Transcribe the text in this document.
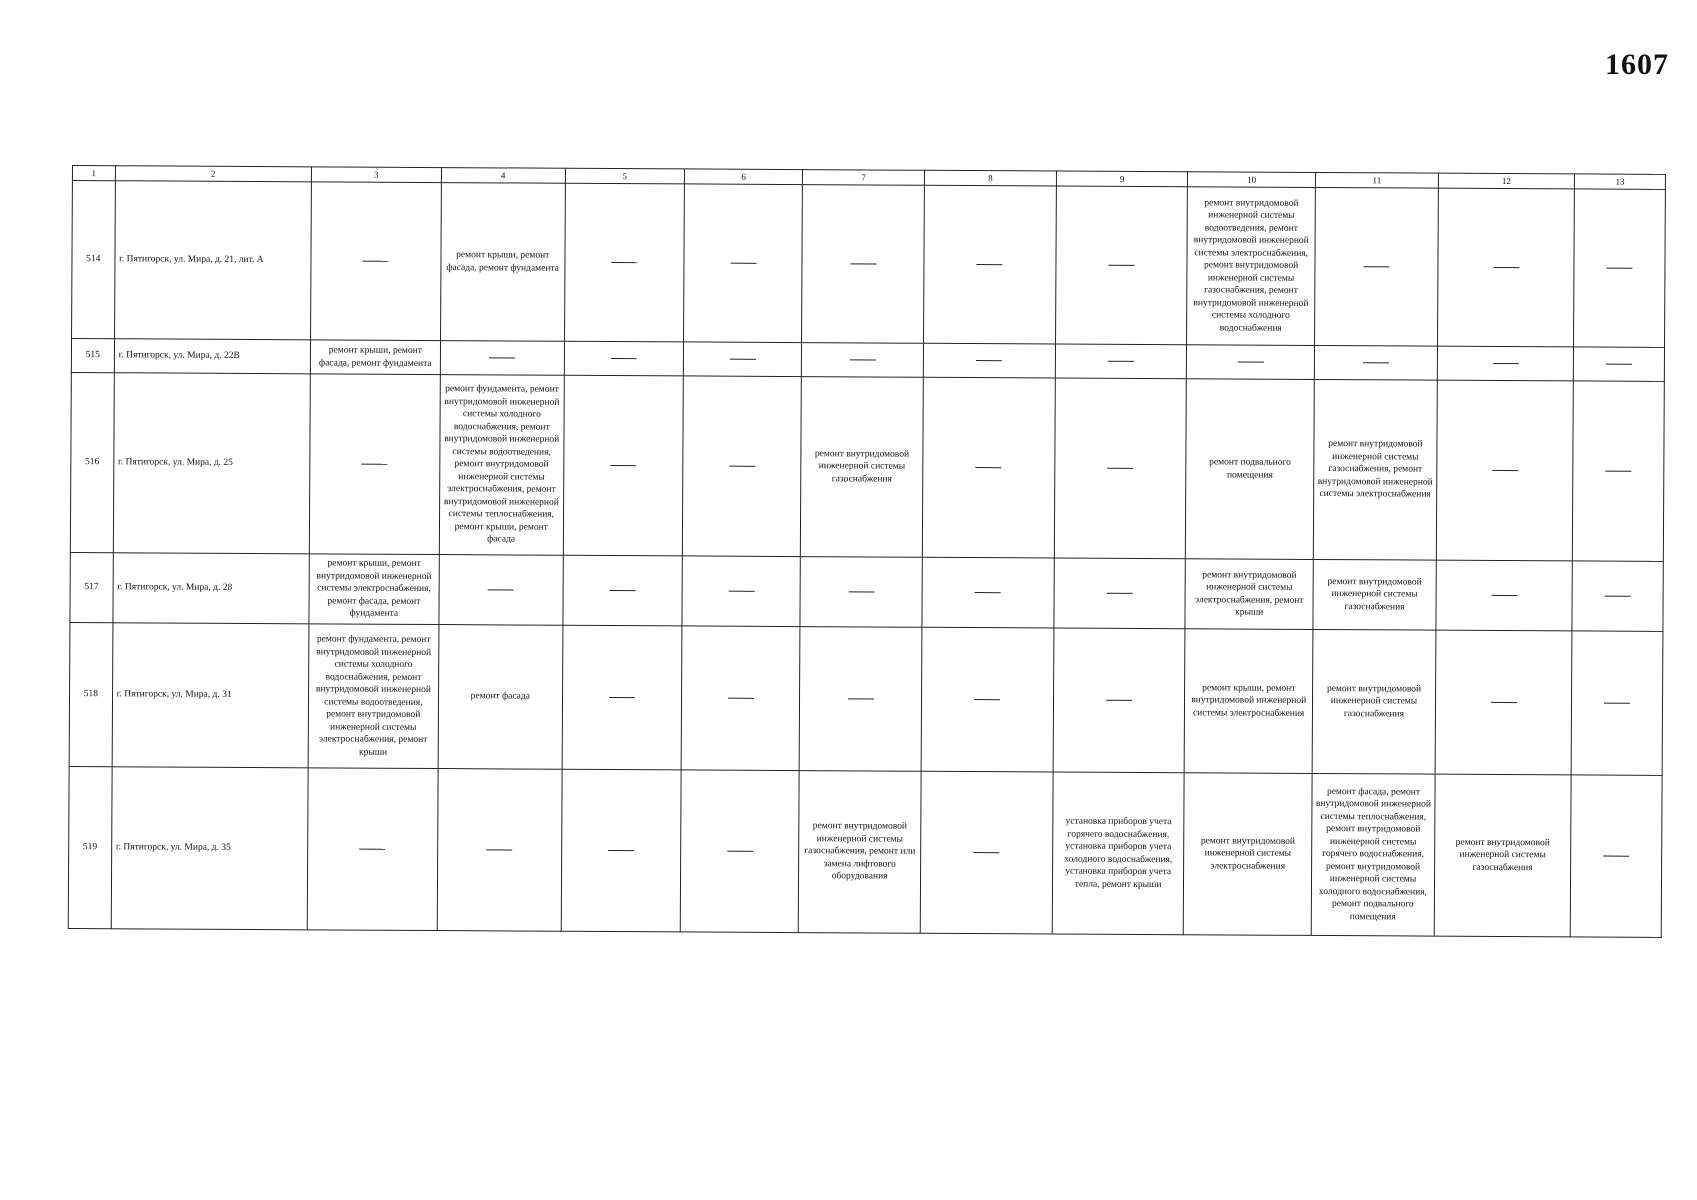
1607
1	2	3	4	5	6	7	8	9	10	11	12	13
514	г. Пятигорск, ул. Мира, д. 21, лит. А		ремонт крыши, ремонт фасада, ремонт фундамента						ремонт внутридомовой инженерной системы водоотведения, ремонт внутридомовой инженерной системы электроснабжения, ремонт внутридомовой инженерной системы газоснабжения, ремонт внутридомовой инженерной системы холодного водоснабжения			

515	г. Пятигорск, ул. Мира, д. 22В	ремонт крыши, ремонт фасада, ремонт фундамента										

516	г. Пятигорск, ул. Мира, д. 25		ремонт фундамента, ремонт внутридомовой инженерной системы холодного водоснабжения, ремонт внутридомовой инженерной системы водоотведения, ремонт внутридомовой инженерной системы электроснабжения, ремонт внутридомовой инженерной системы теплоснабжения, ремонт крыши, ремонт фасада			ремонт внутридомовой инженерной системы газоснабжения			ремонт подвального помещения	ремонт внутридомовой инженерной системы газоснабжения, ремонт внутридомовой инженерной системы электроснабжения		

517	г. Пятигорск, ул. Мира, д. 28	ремонт крыши, ремонт внутридомовой инженерной системы электроснабжения, ремонт фасада, ремонт фундамента							ремонт внутридомовой инженерной системы электроснабжения, ремонт крыши	ремонт внутридомовой инженерной системы газоснабжения		

518	г. Пятигорск, ул. Мира, д. 31	ремонт фундамента, ремонт внутридомовой инженерной системы холодного водоснабжения, ремонт внутридомовой инженерной системы водоотведения, ремонт внутридомовой инженерной системы электроснабжения, ремонт крыши	ремонт фасада						ремонт крыши, ремонт внутридомовой инженерной системы электроснабжения	ремонт внутридомовой инженерной системы газоснабжения		

519	г. Пятигорск, ул. Мира, д. 35					ремонт внутридомовой инженерной системы газоснабжения, ремонт или замена лифтового оборудования		установка приборов учета горячего водоснабжения, установка приборов учета холодного водоснабжения, установка приборов учета тепла, ремонт крыши	ремонт внутридомовой инженерной системы электроснабжения	ремонт фасада, ремонт внутридомовой инженерной системы теплоснабжения, ремонт внутридомовой инженерной системы горячего водоснабжения, ремонт внутридомовой инженерной системы холодного водоснабжения, ремонт подвального помещения	ремонт внутридомовой инженерной системы газоснабжения	
